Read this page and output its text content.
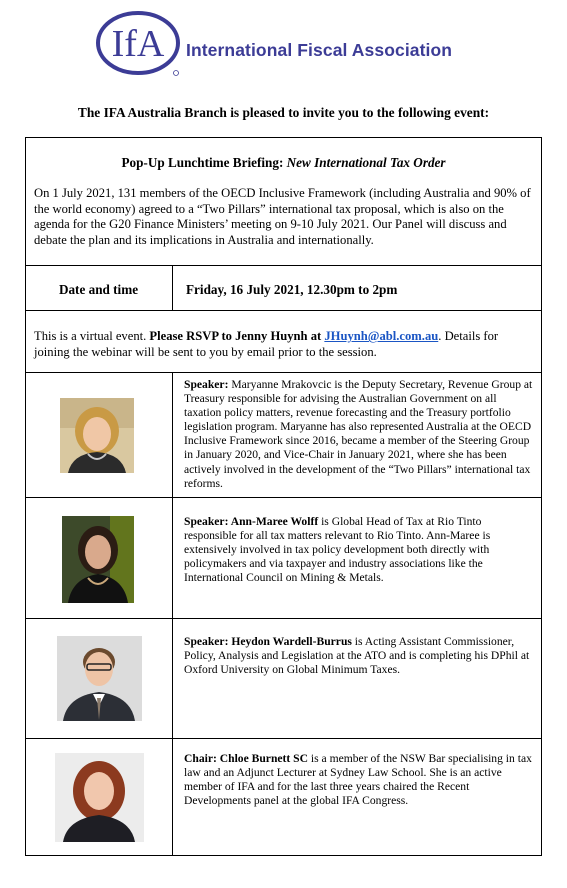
IfA International Fiscal Association
The IFA Australia Branch is pleased to invite you to the following event:
Pop-Up Lunchtime Briefing: New International Tax Order
On 1 July 2021, 131 members of the OECD Inclusive Framework (including Australia and 90% of the world economy) agreed to a “Two Pillars” international tax proposal, which is also on the agenda for the G20 Finance Ministers’ meeting on 9-10 July 2021. Our Panel will discuss and debate the plan and its implications in Australia and internationally.
Date and time	Friday, 16 July 2021, 12.30pm to 2pm
This is a virtual event. Please RSVP to Jenny Huynh at JHuynh@abl.com.au. Details for joining the webinar will be sent to you by email prior to the session.
Speaker: Maryanne Mrakovcic is the Deputy Secretary, Revenue Group at Treasury responsible for advising the Australian Government on all taxation policy matters, revenue forecasting and the Treasury portfolio legislation program. Maryanne has also represented Australia at the OECD Inclusive Framework since 2016, became a member of the Steering Group in January 2020, and Vice-Chair in January 2021, where she has been actively involved in the development of the “Two Pillars” international tax reforms.
Speaker: Ann-Maree Wolff is Global Head of Tax at Rio Tinto responsible for all tax matters relevant to Rio Tinto. Ann-Maree is extensively involved in tax policy development both directly with policymakers and via taxpayer and industry associations like the International Council on Mining & Metals.
Speaker: Heydon Wardell-Burrus is Acting Assistant Commissioner, Policy, Analysis and Legislation at the ATO and is completing his DPhil at Oxford University on Global Minimum Taxes.
Chair: Chloe Burnett SC is a member of the NSW Bar specialising in tax law and an Adjunct Lecturer at Sydney Law School. She is an active member of IFA and for the last three years chaired the Recent Developments panel at the global IFA Congress.
